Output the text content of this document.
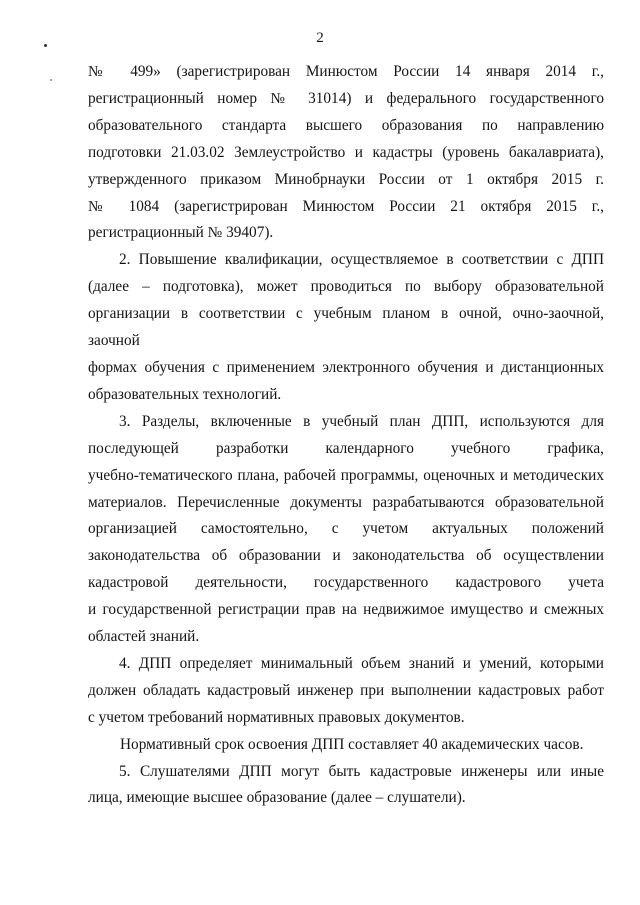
2

№ 499» (зарегистрирован Минюстом России 14 января 2014 г.,

регистрационный номер № 31014) и федерального государственного

образовательного стандарта высшего образования по направлению

подготовки 21.03.02 Землеустройство и кадастры (уровень бакалавриата),

утвержденного приказом Минобрнауки России от 1 октября 2015 г.

№ 1084 (зарегистрирован Минюстом России 21 октября 2015 г.,

регистрационный № 39407).

2. Повышение квалификации, осуществляемое в соответствии с ДПП

(далее – подготовка), может проводиться по выбору образовательной

организации в соответствии с учебным планом в очной, очно-заочной, заочной

формах обучения с применением электронного обучения и дистанционных

образовательных технологий.

3. Разделы, включенные в учебный план ДПП, используются для

последующей разработки календарного учебного графика,

учебно-тематического плана, рабочей программы, оценочных и методических

материалов. Перечисленные документы разрабатываются образовательной

организацией самостоятельно, с учетом актуальных положений

законодательства об образовании и законодательства об осуществлении

кадастровой деятельности, государственного кадастрового учета

и государственной регистрации прав на недвижимое имущество и смежных

областей знаний.

4. ДПП определяет минимальный объем знаний и умений, которыми

должен обладать кадастровый инженер при выполнении кадастровых работ

с учетом требований нормативных правовых документов.

Нормативный срок освоения ДПП составляет 40 академических часов.

5. Слушателями ДПП могут быть кадастровые инженеры или иные

лица, имеющие высшее образование (далее – слушатели).
